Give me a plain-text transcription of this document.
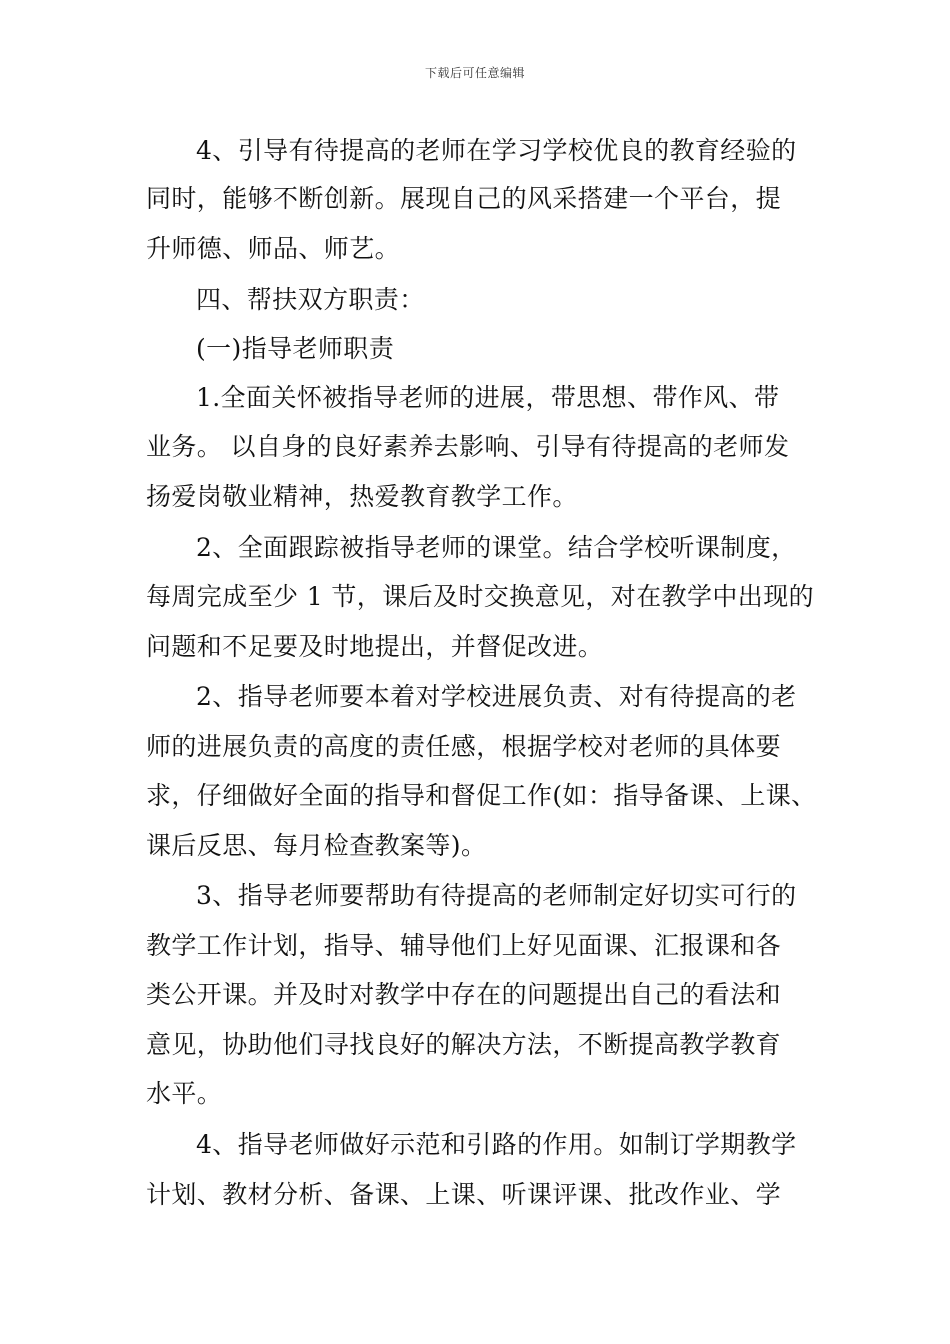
下载后可任意编辑
4、引导有待提高的老师在学习学校优良的教育经验的
同时，能够不断创新。展现自己的风采搭建一个平台，提
升师德、师品、师艺。
四、帮扶双方职责：
(一)指导老师职责
1.全面关怀被指导老师的进展，带思想、带作风、带
业务。 以自身的良好素养去影响、引导有待提高的老师发
扬爱岗敬业精神，热爱教育教学工作。
2、全面跟踪被指导老师的课堂。结合学校听课制度，
每周完成至少 1 节，课后及时交换意见，对在教学中出现的
问题和不足要及时地提出，并督促改进。
2、指导老师要本着对学校进展负责、对有待提高的老
师的进展负责的高度的责任感，根据学校对老师的具体要
求，仔细做好全面的指导和督促工作(如：指导备课、上课、
课后反思、每月检查教案等)。
3、指导老师要帮助有待提高的老师制定好切实可行的
教学工作计划，指导、辅导他们上好见面课、汇报课和各
类公开课。并及时对教学中存在的问题提出自己的看法和
意见，协助他们寻找良好的解决方法，不断提高教学教育
水平。
4、指导老师做好示范和引路的作用。如制订学期教学
计划、教材分析、备课、上课、听课评课、批改作业、学
